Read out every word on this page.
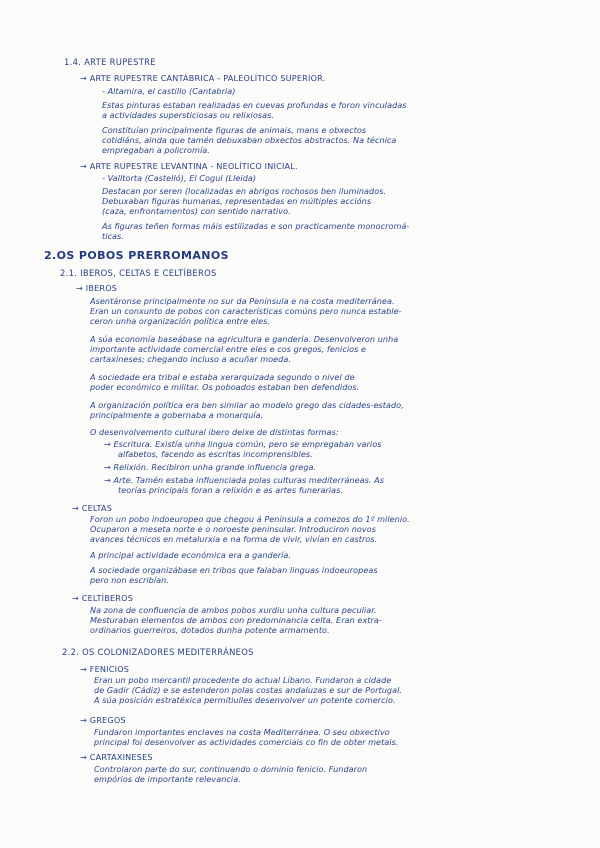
1.4. ARTE RUPESTRE
→ ARTE RUPESTRE CANTÁBRICA - PALEOLÍTICO SUPERIOR.
- Altamira, el castillo (Cantabria)
Estas pinturas estaban realizadas en cuevas profundas e foron vinculadas
a actividades supersticiosas ou relixiosas.
Constituían principalmente figuras de animais, mans e obxectos
cotidiáns, ainda que tamén debuxaban obxectos abstractos. Na técnica
empregaban a policromía.
→ ARTE RUPESTRE LEVANTINA - NEOLÍTICO INICIAL.
- Valltorta (Castelló), El Cogul (Lleida)
Destacan por seren (localizadas en abrigos rochosos ben iluminados.
Debuxaban figuras humanas, representadas en múltiples accións
(caza, enfrontamentos) con sentido narrativo.
As figuras teñen formas máis estilizadas e son practicamente monocromá-
ticas.
2.OS POBOS PRERROMANOS
2.1. IBEROS, CELTAS E CELTÍBEROS
→ IBEROS
Asentáronse principalmente no sur da Península e na costa mediterránea.
Eran un conxunto de pobos con características comúns pero nunca estable-
ceron unha organización política entre eles.
A súa economía baseábase na agricultura e gandería. Desenvolveron unha
importante actividade comercial entre eles e cos gregos, fenicios e
cartaxineses; chegando incluso a acuñar moeda.
A sociedade era tribal e estaba xerarquizada segundo o nivel de
poder económico e militar. Os poboados estaban ben defendidos.
A organización política era ben similar ao modelo grego das cidades-estado,
principalmente a gobernaba a monarquía.
O desenvolvemento cultural ibero deixe de distintas formas:
→ Escritura. Existía unha lingua común, pero se empregaban varios
alfabetos, facendo as escritas incomprensibles.
→ Relixión. Recibiron unha grande influencia grega.
→ Arte. Tamén estaba influenciada polas culturas mediterráneas. As
teorías principais foran a relixión e as artes funerarias.
→ CELTAS
Foron un pobo indoeuropeo que chegou á Península a comezos do 1º milenio.
Ocuparon a meseta norte e o noroeste peninsular. Introduciron novos
avances técnicos en metalurxia e na forma de vivir, vivían en castros.
A principal actividade económica era a gandería.
A sociedade organizábase en tribos que falaban linguas indoeuropeas
pero non escribían.
→ CELTÍBEROS
Na zona de confluencia de ambos pobos xurdiu unha cultura peculiar.
Mesturaban elementos de ambos con predominancia celta. Eran extra-
ordinarios guerreiros, dotados dunha potente armamento.
2.2. OS COLONIZADORES MEDITERRÁNEOS
→ FENICIOS
Eran un pobo mercantil procedente do actual Líbano. Fundaron a cidade
de Gadir (Cádiz) e se estenderon polas costas andaluzas e sur de Portugal.
A súa posición estratéxica permitiulles desenvolver un potente comercio.
→ GREGOS
Fundaron importantes enclaves na costa Mediterránea. O seu obxectivo
principal foi desenvolver as actividades comerciais co fin de obter metais.
→ CARTAXINESES
Controlaron parte do sur, continuando o dominio fenicio. Fundaron
empórios de importante relevancia.
